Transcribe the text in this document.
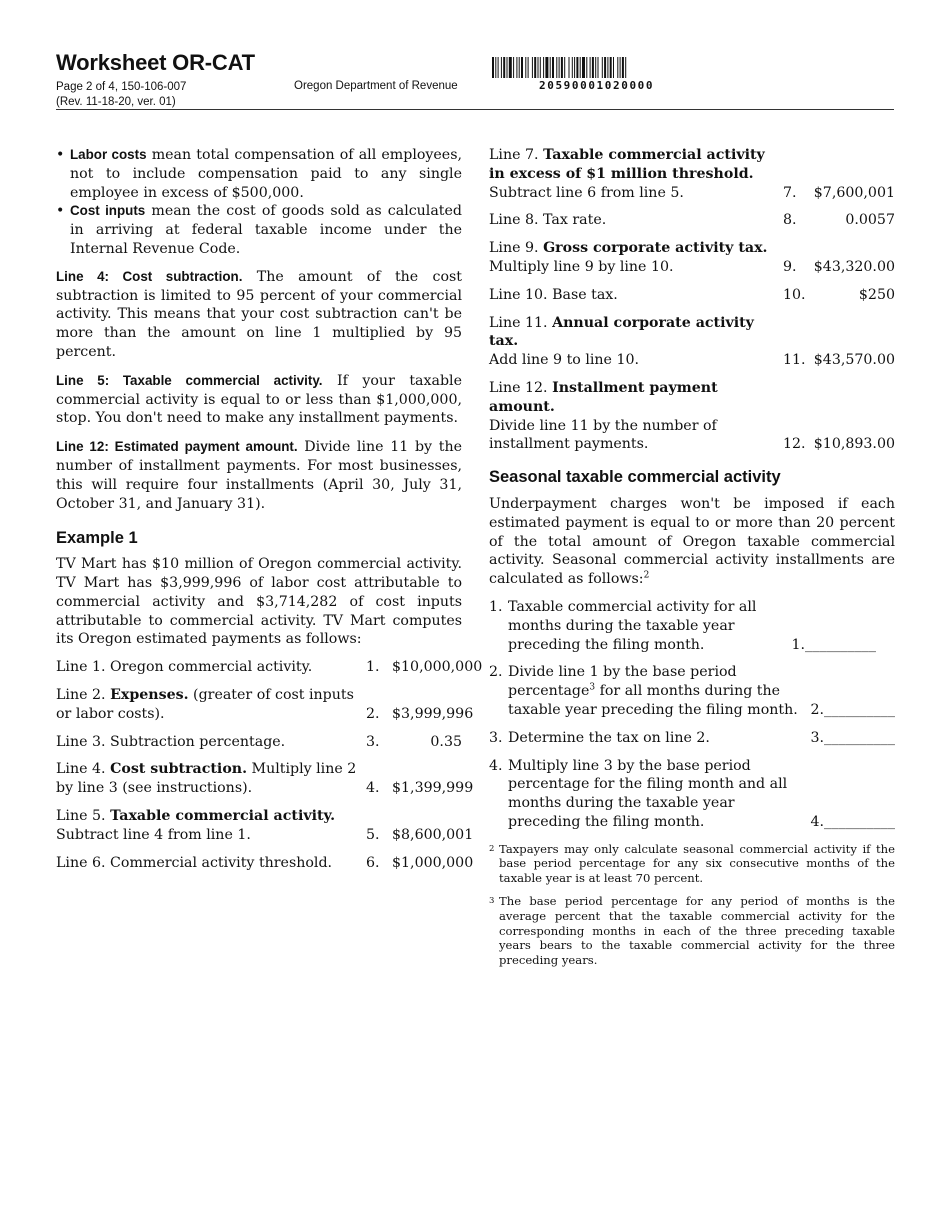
Worksheet OR-CAT
Page 2 of 4, 150-106-007
(Rev. 11-18-20, ver. 01)
Oregon Department of Revenue	20590001020000
• Labor costs mean total compensation of all employees, not to include compensation paid to any single employee in excess of $500,000.
• Cost inputs mean the cost of goods sold as calculated in arriving at federal taxable income under the Internal Revenue Code.

Line 4: Cost subtraction. The amount of the cost subtraction is limited to 95 percent of your commercial activity. This means that your cost subtraction can't be more than the amount on line 1 multiplied by 95 percent.

Line 5: Taxable commercial activity. If your taxable commercial activity is equal to or less than $1,000,000, stop. You don't need to make any installment payments.

Line 12: Estimated payment amount. Divide line 11 by the number of installment payments. For most businesses, this will require four installments (April 30, July 31, October 31, and January 31).

Example 1

TV Mart has $10 million of Oregon commercial activity. TV Mart has $3,999,996 of labor cost attributable to commercial activity and $3,714,282 of cost inputs attributable to commercial activity. TV Mart computes its Oregon estimated payments as follows:

Line 1. Oregon commercial activity.	1. $10,000,000
Line 2. Expenses. (greater of cost inputs or labor costs).	2. $3,999,996
Line 3. Subtraction percentage.	3.	0.35
Line 4. Cost subtraction. Multiply line 2 by line 3 (see instructions).	4. $1,399,999
Line 5. Taxable commercial activity. Subtract line 4 from line 1.	5. $8,600,001
Line 6. Commercial activity threshold.	6. $1,000,000
Line 7. Taxable commercial activity in excess of $1 million threshold.
Subtract line 6 from line 5.	7.	$7,600,001
Line 8. Tax rate.	8.	0.0057
Line 9. Gross corporate activity tax.
Multiply line 9 by line 10.	9.	$43,320.00
Line 10. Base tax.	10.	$250
Line 11. Annual corporate activity tax.
Add line 9 to line 10.	11. $43,570.00
Line 12. Installment payment amount.
Divide line 11 by the number of installment payments.	12. $10,893.00
Seasonal taxable commercial activity

Underpayment charges won't be imposed if each estimated payment is equal to or more than 20 percent of the total amount of Oregon taxable commercial activity. Seasonal commercial activity installments are calculated as follows:$^2$

1. Taxable commercial activity for all months during the taxable year preceding the filing month.	1.__________
2. Divide line 1 by the base period percentage$^3$ for all months during the taxable year preceding the filing month. 2.__________
3. Determine the tax on line 2.	3.__________
4. Multiply line 3 by the base period percentage for the filing month and all months during the taxable year preceding the filing month.	4.__________
2 Taxpayers may only calculate seasonal commercial activity if the base period percentage for any six consecutive months of the taxable year is at least 70 percent.
3 The base period percentage for any period of months is the average percent that the taxable commercial activity for the corresponding months in each of the three preceding taxable years bears to the taxable commercial activity for the three preceding years.
